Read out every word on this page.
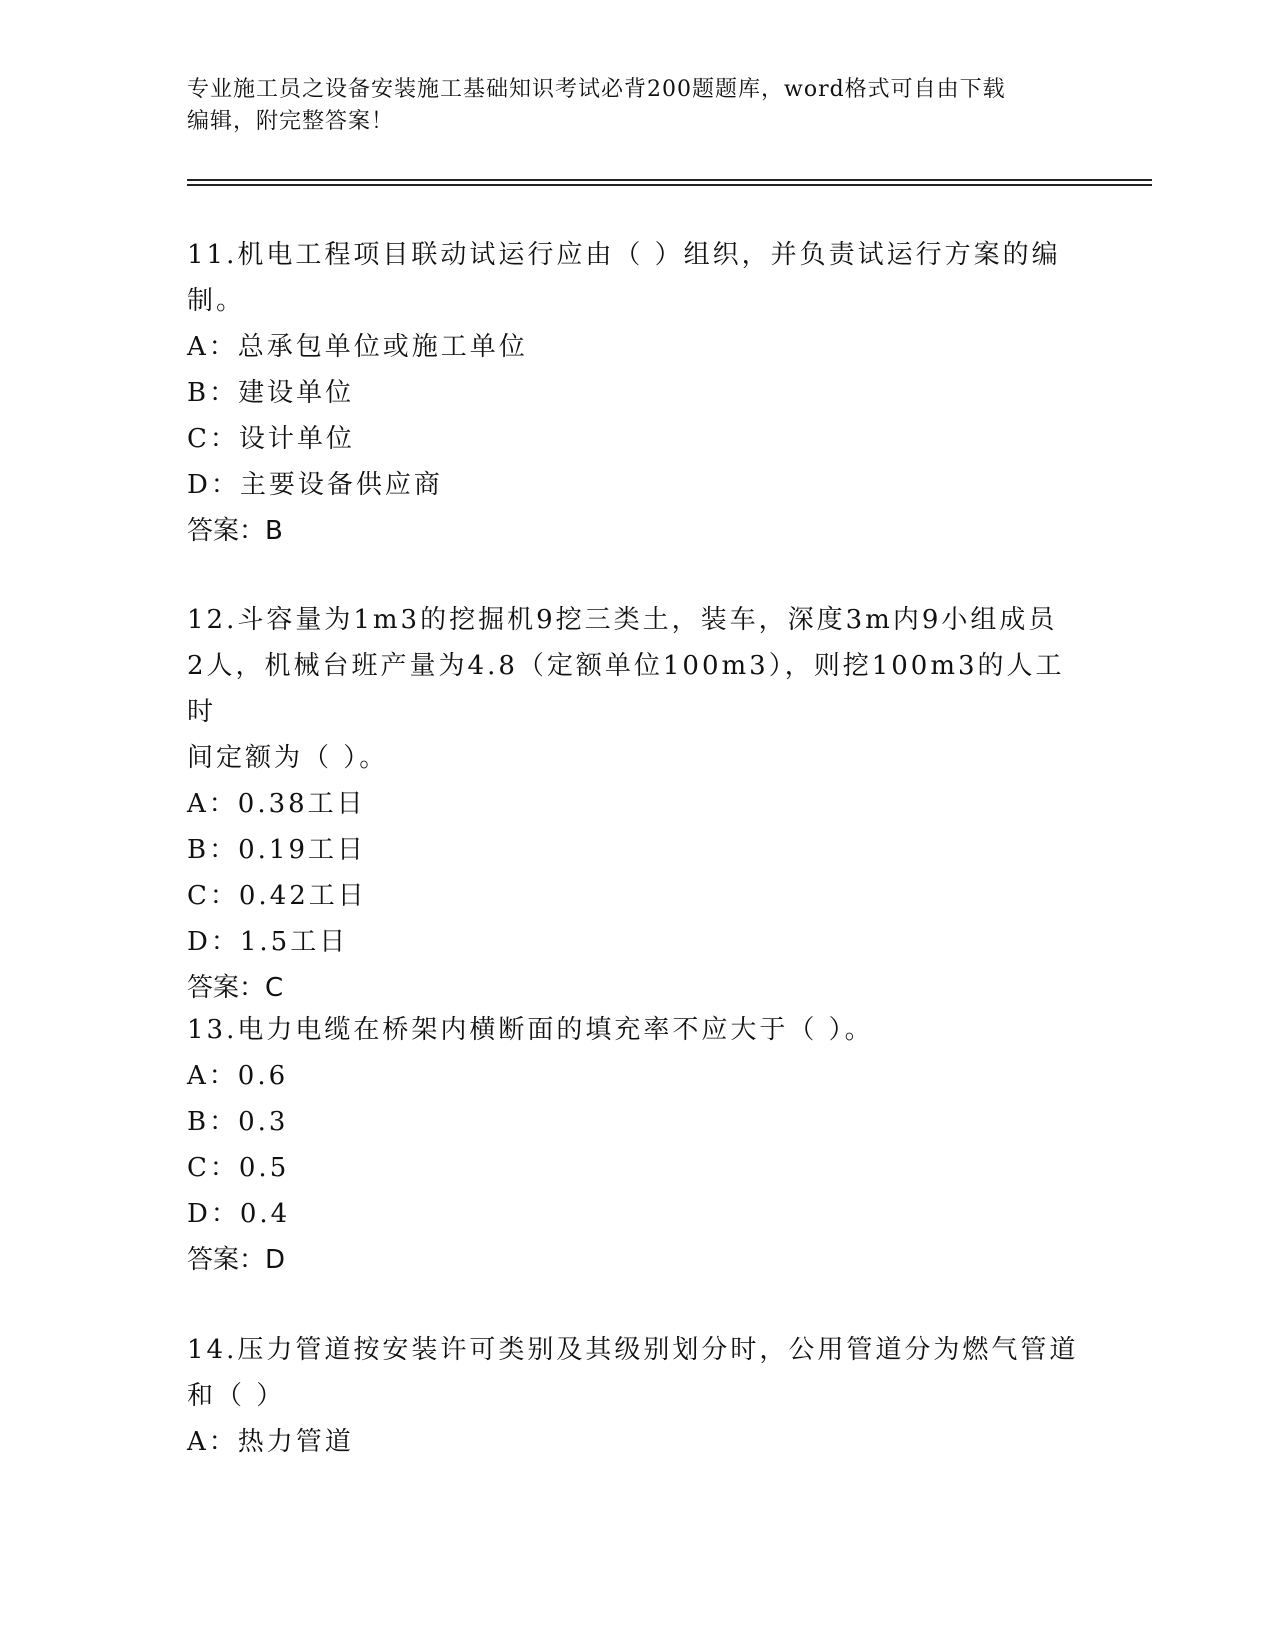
专业施工员之设备安装施工基础知识考试必背200题题库，word格式可自由下载
编辑，附完整答案！

11.机电工程项目联动试运行应由（ ）组织，并负责试运行方案的编

制。

A：总承包单位或施工单位

B：建设单位

C：设计单位

D：主要设备供应商

答案：B

12.斗容量为1m3的挖掘机9挖三类土，装车，深度3m内9小组成员

2人，机械台班产量为4.8（定额单位100m3），则挖100m3的人工时

间定额为（ ）。

A：0.38工日

B：0.19工日

C：0.42工日

D：1.5工日

答案：C

13.电力电缆在桥架内横断面的填充率不应大于（ ）。

A：0.6

B：0.3

C：0.5

D：0.4

答案：D

14.压力管道按安装许可类别及其级别划分时，公用管道分为燃气管道

和（ ）

A：热力管道
